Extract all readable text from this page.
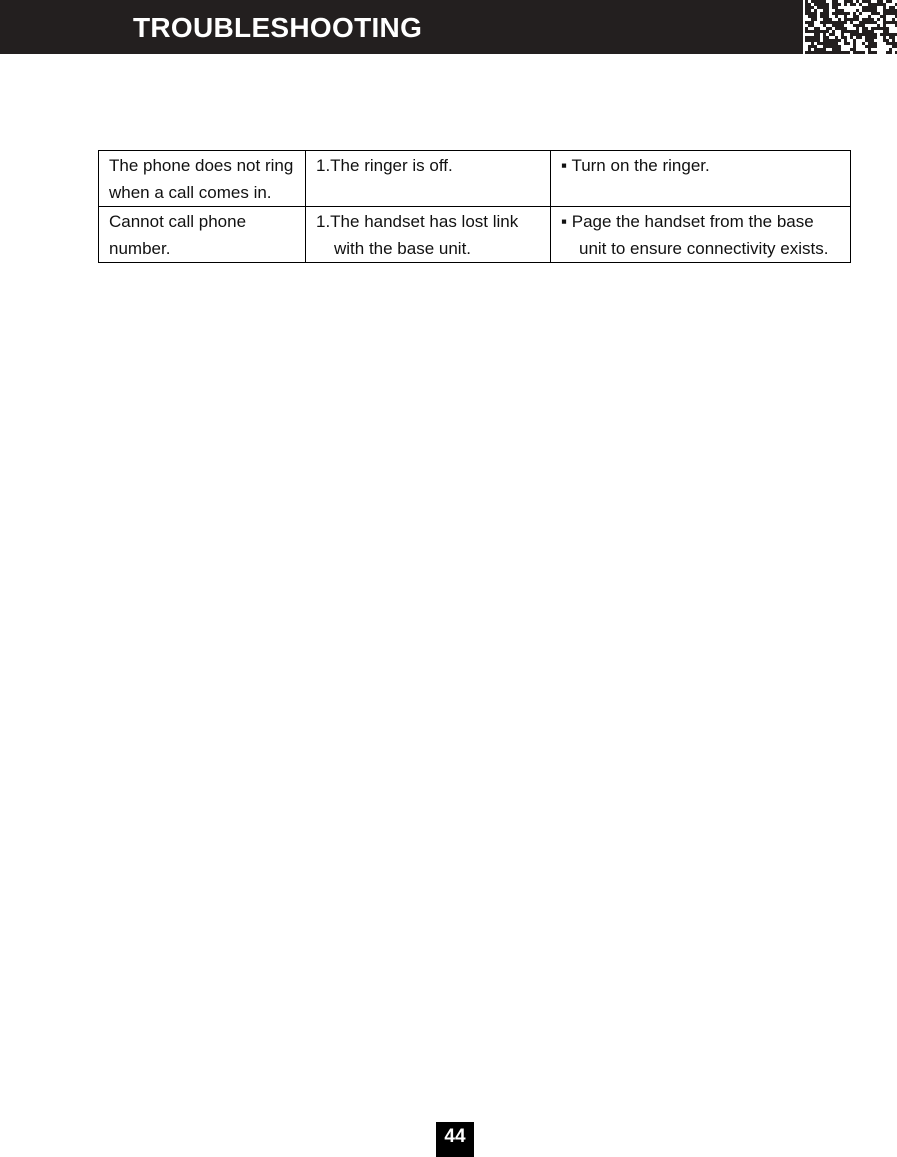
TROUBLESHOOTING
The phone does not ring when a call comes in.	1.The ringer is off.	▪ Turn on the ringer.

Cannot call phone number.	1.The handset has lost link with the base unit.	▪ Page the handset from the base unit to ensure connectivity exists.
44
